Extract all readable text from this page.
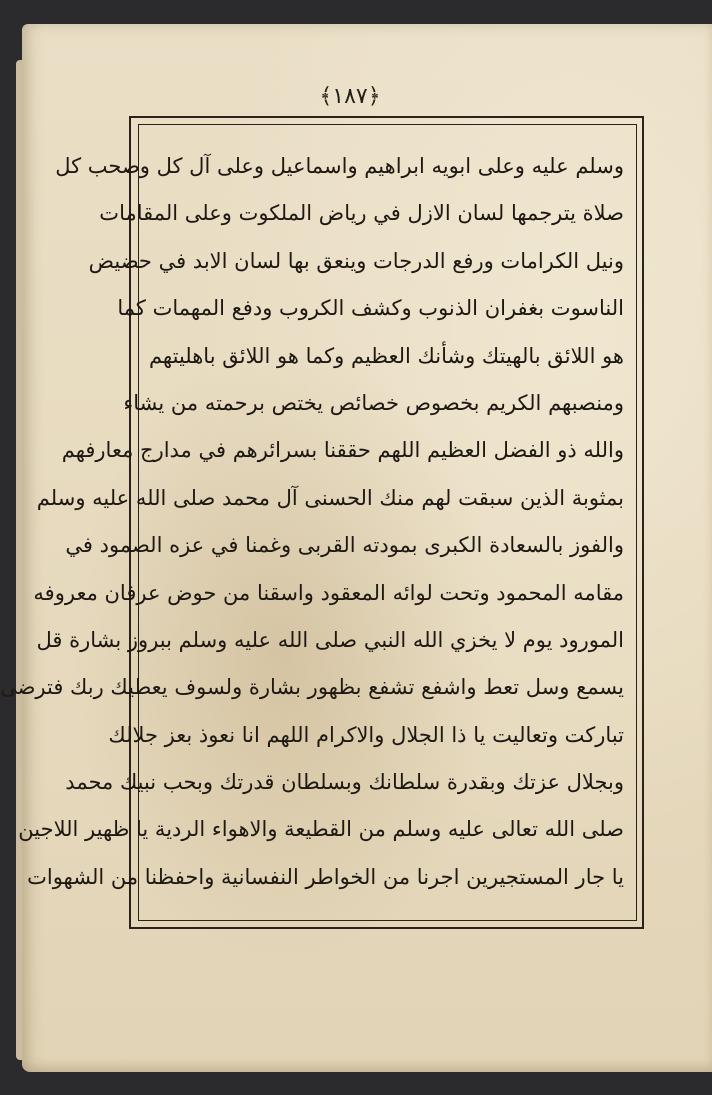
﴿١٨٧﴾

وسلم عليه وعلى ابويه ابراهيم واسماعيل وعلى آل كل وصحب كل

صلاة يترجمها لسان الازل في رياض الملكوت وعلى المقامات

ونيل الكرامات ورفع الدرجات وينعق بها لسان الابد في حضيض

الناسوت بغفران الذنوب وكشف الكروب ودفع المهمات كما

هو اللائق بالهيتك وشأنك العظيم وكما هو اللائق باهليتهم

ومنصبهم الكريم بخصوص خصائص يختص برحمته من يشاء

والله ذو الفضل العظيم اللهم حققنا بسرائرهم في مدارج معارفهم

بمثوبة الذين سبقت لهم منك الحسنى آل محمد صلى الله عليه وسلم

والفوز بالسعادة الكبرى بمودته القربى وغمنا في عزه الصمود في

مقامه المحمود وتحت لوائه المعقود واسقنا من حوض عرفان معروفه

المورود يوم لا يخزي الله النبي صلى الله عليه وسلم ببروز بشارة قل

يسمع وسل تعط واشفع تشفع بظهور بشارة ولسوف يعطيك ربك فترضى

تباركت وتعاليت يا ذا الجلال والاكرام اللهم انا نعوذ بعز جلالك

وبجلال عزتك وبقدرة سلطانك وبسلطان قدرتك وبحب نبيك محمد

صلى الله تعالى عليه وسلم من القطيعة والاهواء الردية يا ظهير اللاجين

يا جار المستجيرين اجرنا من الخواطر النفسانية واحفظنا من الشهوات
